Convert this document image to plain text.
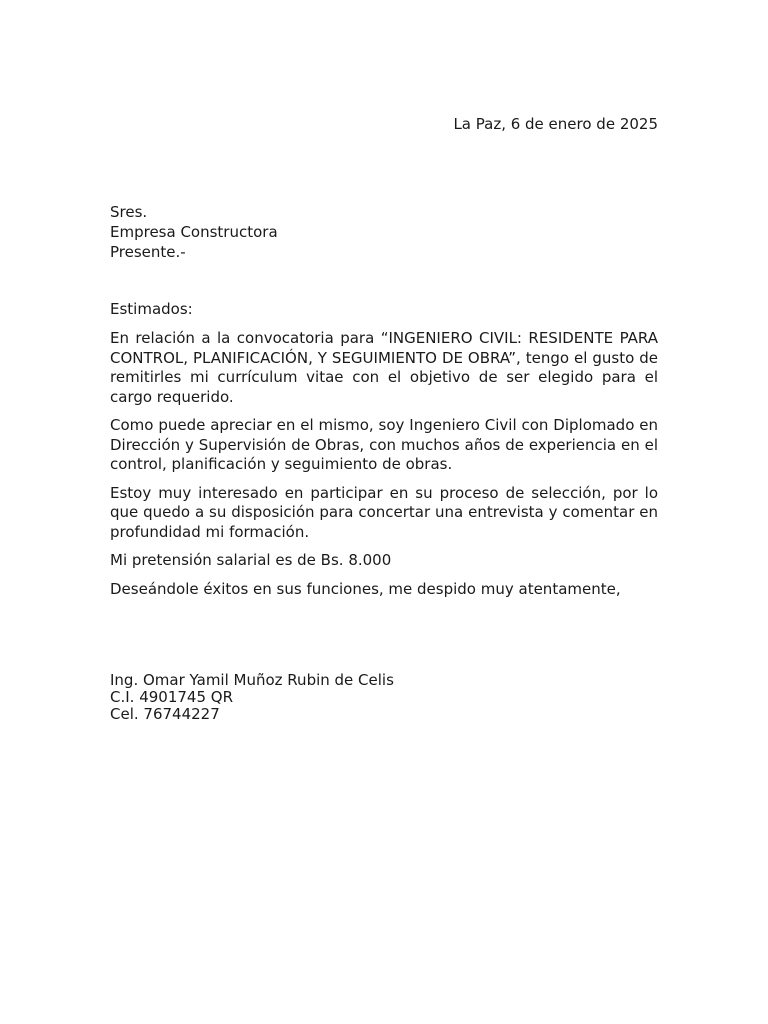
La Paz, 6 de enero de 2025
Sres.
Empresa Constructora
Presente.-
Estimados:

En relación a la convocatoria para “INGENIERO CIVIL: RESIDENTE PARA CONTROL, PLANIFICACIÓN, Y SEGUIMIENTO DE OBRA”, tengo el gusto de remitirles mi currículum vitae con el objetivo de ser elegido para el cargo requerido.

Como puede apreciar en el mismo, soy Ingeniero Civil con Diplomado en Dirección y Supervisión de Obras, con muchos años de experiencia en el control, planificación y seguimiento de obras.

Estoy muy interesado en participar en su proceso de selección, por lo que quedo a su disposición para concertar una entrevista y comentar en profundidad mi formación.

Mi pretensión salarial es de Bs. 8.000

Deseándole éxitos en sus funciones, me despido muy atentamente,

Ing. Omar Yamil Muñoz Rubin de Celis
C.I. 4901745 QR
Cel. 76744227
